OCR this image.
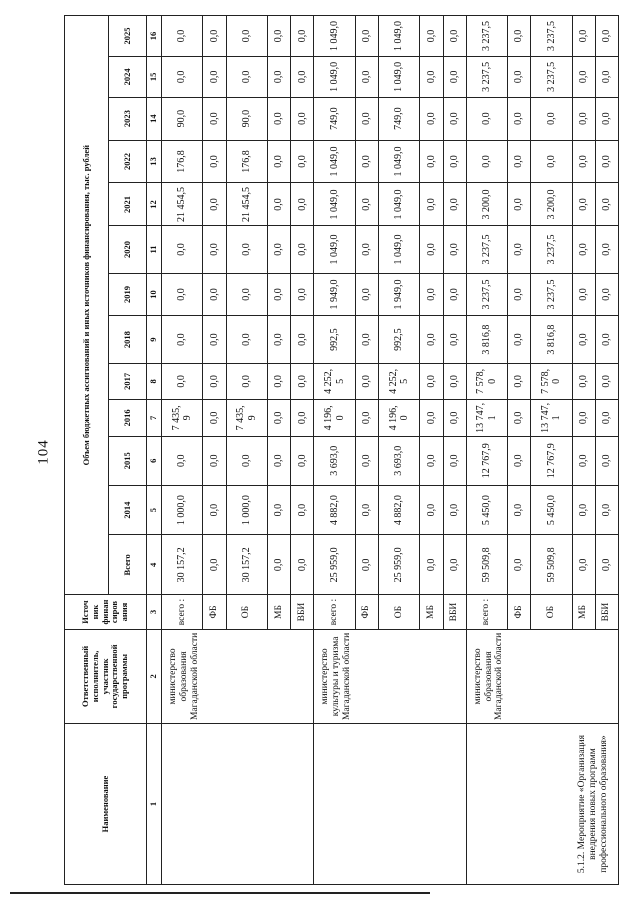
104
Наименование	Ответственный исполнитель, участник государственной программы	Источ ник финан сиров ания	Объем бюджетных ассигнований и иных источников финансирования, тыс. рублей												
			Всего	2014	2015	2016	2017	2018	2019	2020	2021	2022	2023	2024	2025
1	2	3	4	5	6	7	8	9	10	11	12	13	14	15	16
	министерство образования Магаданской области	всего :	30 157,2	1 000,0	0,0	7 435, 9	0,0	0,0	0,0	0,0	21 454,5	176,8	90,0	0,0	0,0
		ФБ	0,0	0,0	0,0	0,0	0,0	0,0	0,0	0,0	0,0	0,0	0,0	0,0	0,0
		ОБ	30 157,2	1 000,0	0,0	7 435, 9	0,0	0,0	0,0	0,0	21 454,5	176,8	90,0	0,0	0,0
		МБ	0,0	0,0	0,0	0,0	0,0	0,0	0,0	0,0	0,0	0,0	0,0	0,0	0,0
		ВБИ	0,0	0,0	0,0	0,0	0,0	0,0	0,0	0,0	0,0	0,0	0,0	0,0	0,0
	министерство культуры и туризма Магаданской области	всего :	25 959,0	4 882,0	3 693,0	4 196, 0	4 252, 5	992,5	1 949,0	1 049,0	1 049,0	1 049,0	749,0	1 049,0	1 049,0
		ФБ	0,0	0,0	0,0	0,0	0,0	0,0	0,0	0,0	0,0	0,0	0,0	0,0	0,0
		ОБ	25 959,0	4 882,0	3 693,0	4 196, 0	4 252, 5	992,5	1 949,0	1 049,0	1 049,0	1 049,0	749,0	1 049,0	1 049,0
		МБ	0,0	0,0	0,0	0,0	0,0	0,0	0,0	0,0	0,0	0,0	0,0	0,0	0,0
		ВБИ	0,0	0,0	0,0	0,0	0,0	0,0	0,0	0,0	0,0	0,0	0,0	0,0	0,0
5.1.2. Мероприятие «Организация внедрения новых программ профессионального образования»	министерство образования Магаданской области	всего :	59 509,8	5 450,0	12 767,9	13 747, 1	7 578, 0	3 816,8	3 237,5	3 237,5	3 200,0	0,0	0,0	3 237,5	3 237,5
		ФБ	0,0	0,0	0,0	0,0	0,0	0,0	0,0	0,0	0,0	0,0	0,0	0,0	0,0
		ОБ	59 509,8	5 450,0	12 767,9	13 747, 1	7 578, 0	3 816,8	3 237,5	3 237,5	3 200,0	0,0	0,0	3 237,5	3 237,5
		МБ	0,0	0,0	0,0	0,0	0,0	0,0	0,0	0,0	0,0	0,0	0,0	0,0	0,0
		ВБИ	0,0	0,0	0,0	0,0	0,0	0,0	0,0	0,0	0,0	0,0	0,0	0,0	0,0
